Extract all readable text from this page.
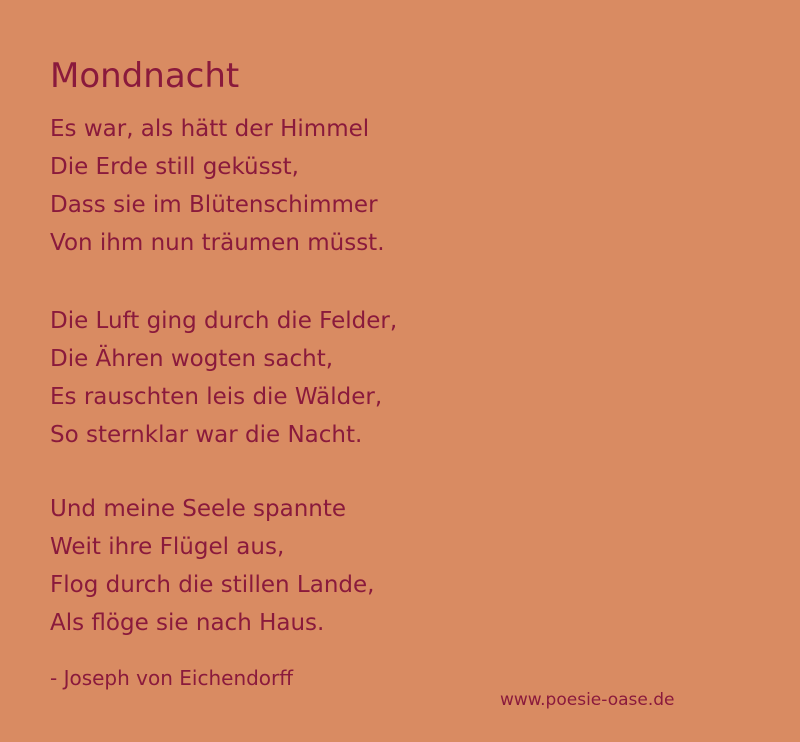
Mondnacht
Es war, als hätt der Himmel
Die Erde still geküsst,
Dass sie im Blütenschimmer
Von ihm nun träumen müsst.
Die Luft ging durch die Felder,
Die Ähren wogten sacht,
Es rauschten leis die Wälder,
So sternklar war die Nacht.
Und meine Seele spannte
Weit ihre Flügel aus,
Flog durch die stillen Lande,
Als flöge sie nach Haus.
- Joseph von Eichendorff
www.poesie-oase.de
